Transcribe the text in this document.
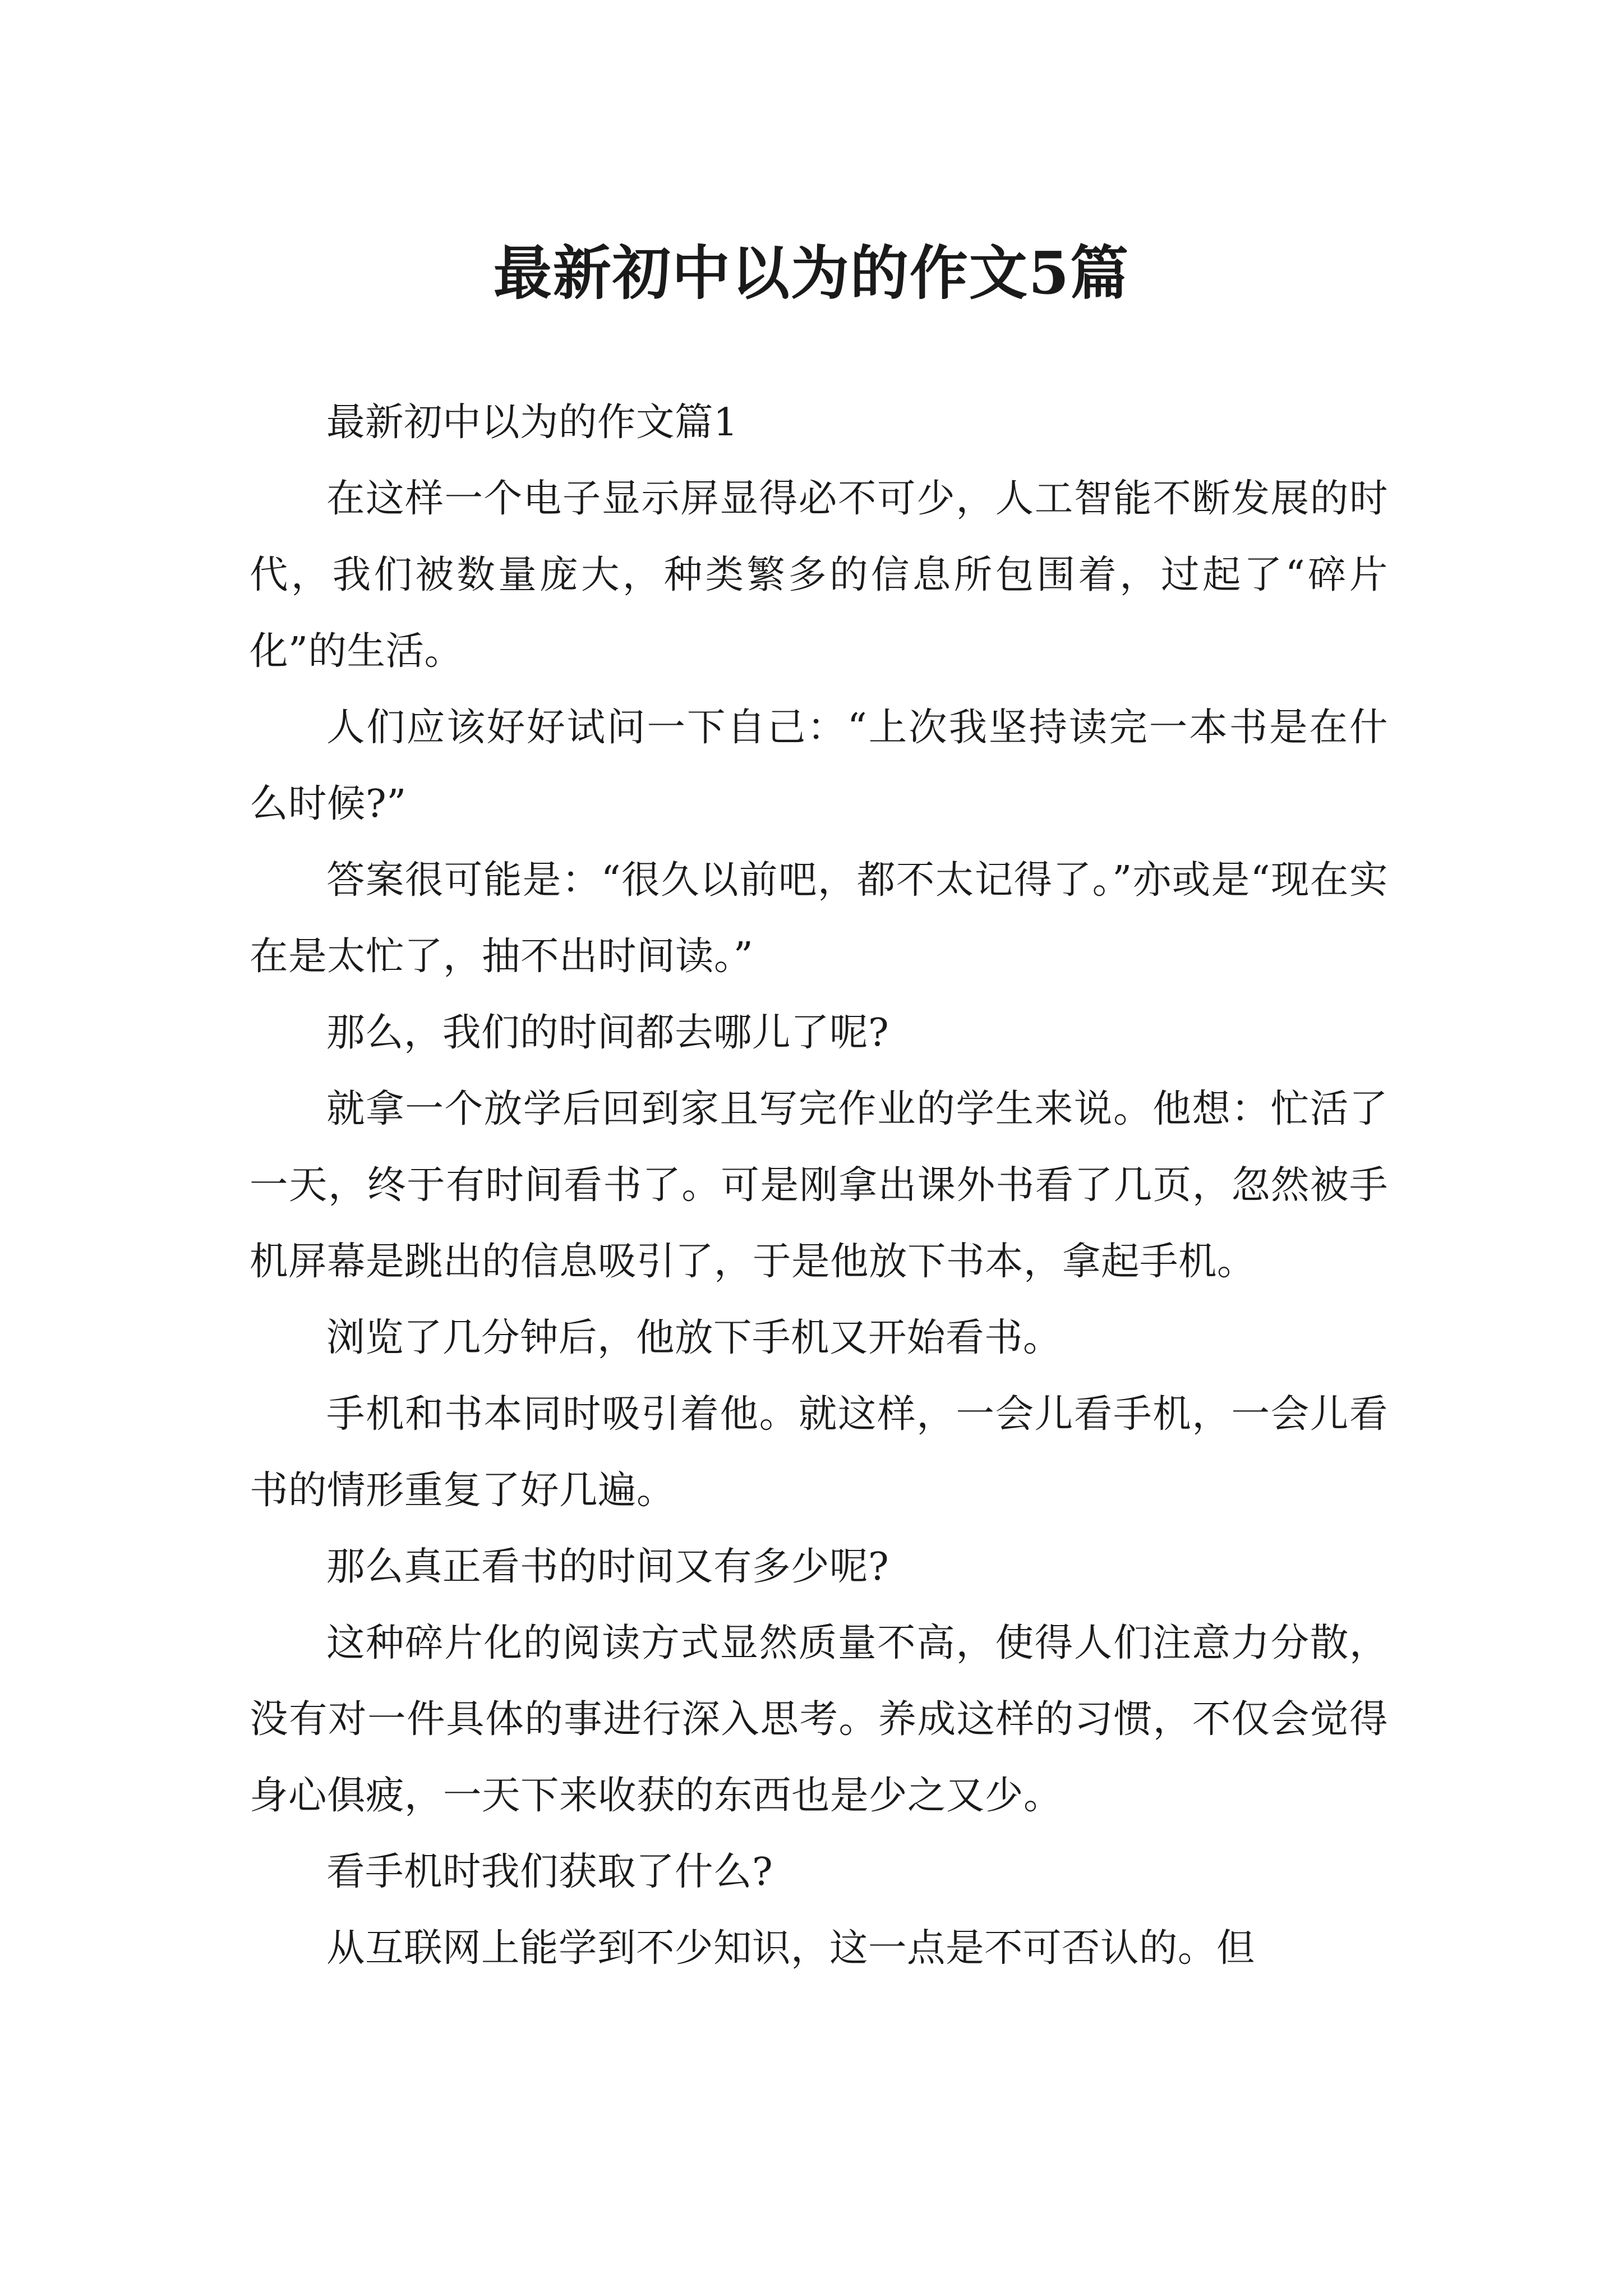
最新初中以为的作文5篇

最新初中以为的作文篇1

在这样一个电子显示屏显得必不可少，人工智能不断发展的时代，我们被数量庞大，种类繁多的信息所包围着，过起了“碎片化”的生活。

人们应该好好试问一下自己：“上次我坚持读完一本书是在什么时候?”

答案很可能是：“很久以前吧，都不太记得了。”亦或是“现在实在是太忙了，抽不出时间读。”

那么，我们的时间都去哪儿了呢?

就拿一个放学后回到家且写完作业的学生来说。他想：忙活了一天，终于有时间看书了。可是刚拿出课外书看了几页，忽然被手机屏幕是跳出的信息吸引了，于是他放下书本，拿起手机。

浏览了几分钟后，他放下手机又开始看书。

手机和书本同时吸引着他。就这样，一会儿看手机，一会儿看书的情形重复了好几遍。

那么真正看书的时间又有多少呢?

这种碎片化的阅读方式显然质量不高，使得人们注意力分散，没有对一件具体的事进行深入思考。养成这样的习惯，不仅会觉得身心俱疲，一天下来收获的东西也是少之又少。

看手机时我们获取了什么?

从互联网上能学到不少知识，这一点是不可否认的。但
